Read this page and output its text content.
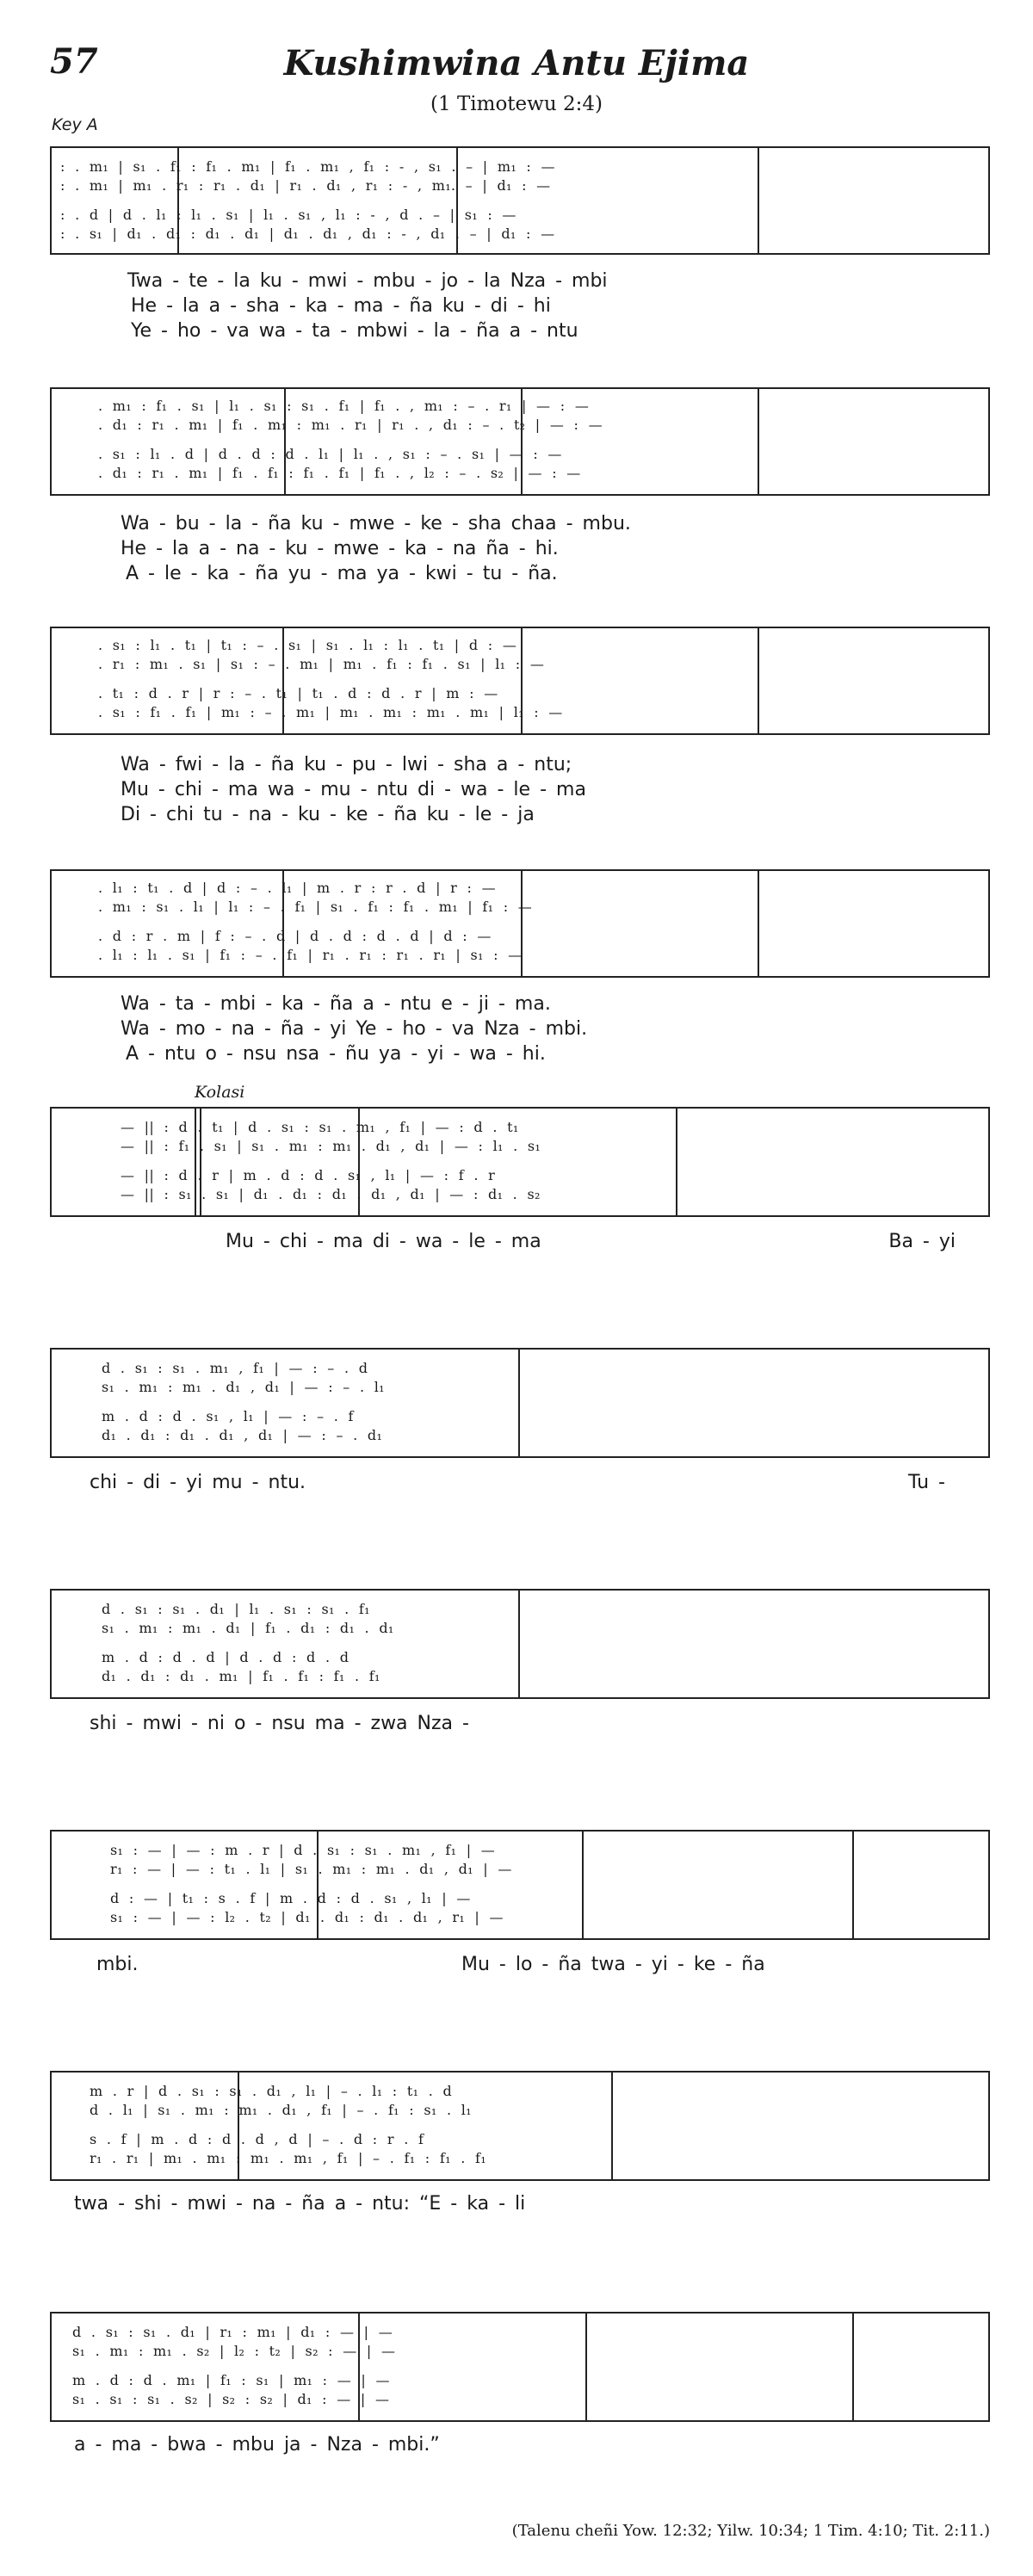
57	Kushimwina Antu Ejima
(1 Timotewu 2:4)
Key A
: . m₁ | s₁ . f₁ : f₁ . m₁ | f₁ . m₁ , f₁ : - , s₁ . – | m₁ : —
: . m₁ | m₁ . r₁ : r₁ . d₁ | r₁ . d₁ , r₁ : - , m₁. – | d₁ : —
: . d | d . l₁ : l₁ . s₁ | l₁ . s₁ , l₁ : - , d . – | s₁ : —
: . s₁ | d₁ . d₁ : d₁ . d₁ | d₁ . d₁ , d₁ : - , d₁ . – | d₁ : —
Twa - te - la ku - mwi - mbu - jo - la Nza - mbi
He - la a - sha - ka - ma - ña ku - di - hi
Ye - ho - va wa - ta - mbwi - la - ña a - ntu
. m₁ : f₁ . s₁ | l₁ . s₁ : s₁ . f₁ | f₁ . , m₁ : – . r₁ | — : —
. d₁ : r₁ . m₁ | f₁ . m₁ : m₁ . r₁ | r₁ . , d₁ : – . t₂ | — : —
. s₁ : l₁ . d | d . d : d . l₁ | l₁ . , s₁ : – . s₁ | — : —
. d₁ : r₁ . m₁ | f₁ . f₁ : f₁ . f₁ | f₁ . , l₂ : – . s₂ | — : —
Wa - bu - la - ña ku - mwe - ke - sha chaa - mbu.
He - la a - na - ku - mwe - ka - na ña - hi.
A - le - ka - ña yu - ma ya - kwi - tu - ña.
. s₁ : l₁ . t₁ | t₁ : – . s₁ | s₁ . l₁ : l₁ . t₁ | d : —
. r₁ : m₁ . s₁ | s₁ : – . m₁ | m₁ . f₁ : f₁ . s₁ | l₁ : —
. t₁ : d . r | r : – . t₁ | t₁ . d : d . r | m : —
. s₁ : f₁ . f₁ | m₁ : – . m₁ | m₁ . m₁ : m₁ . m₁ | l₁ : —
Wa - fwi - la - ña ku - pu - lwi - sha a - ntu;
Mu - chi - ma wa - mu - ntu di - wa - le - ma
Di - chi tu - na - ku - ke - ña ku - le - ja
. l₁ : t₁ . d | d : – . l₁ | m . r : r . d | r : —
. m₁ : s₁ . l₁ | l₁ : – . f₁ | s₁ . f₁ : f₁ . m₁ | f₁ : —
. d : r . m | f : – . d | d . d : d . d | d : —
. l₁ : l₁ . s₁ | f₁ : – . f₁ | r₁ . r₁ : r₁ . r₁ | s₁ : —
Wa - ta - mbi - ka - ña a - ntu e - ji - ma.
Wa - mo - na - ña - yi Ye - ho - va Nza - mbi.
A - ntu o - nsu nsa - ñu ya - yi - wa - hi.
Kolasi
— || : d . t₁ | d . s₁ : s₁ . m₁ , f₁ | — : d . t₁
— || : f₁ . s₁ | s₁ . m₁ : m₁ . d₁ , d₁ | — : l₁ . s₁
— || : d . r | m . d : d . s₁ , l₁ | — : f . r
— || : s₁ . s₁ | d₁ . d₁ : d₁ . d₁ , d₁ | — : d₁ . s₂
Mu - chi - ma di - wa - le - ma	Ba - yi
d . s₁ : s₁ . m₁ , f₁ | — : – . d
s₁ . m₁ : m₁ . d₁ , d₁ | — : – . l₁
m . d : d . s₁ , l₁ | — : – . f
d₁ . d₁ : d₁ . d₁ , d₁ | — : – . d₁
chi - di - yi mu - ntu.	Tu -
d . s₁ : s₁ . d₁ | l₁ . s₁ : s₁ . f₁
s₁ . m₁ : m₁ . d₁ | f₁ . d₁ : d₁ . d₁
m . d : d . d | d . d : d . d
d₁ . d₁ : d₁ . m₁ | f₁ . f₁ : f₁ . f₁
shi - mwi - ni o - nsu ma - zwa Nza -
s₁ : — | — : m . r | d . s₁ : s₁ . m₁ , f₁ | —
r₁ : — | — : t₁ . l₁ | s₁ . m₁ : m₁ . d₁ , d₁ | —
d : — | t₁ : s . f | m . d : d . s₁ , l₁ | —
s₁ : — | — : l₂ . t₂ | d₁ . d₁ : d₁ . d₁ , r₁ | —
mbi.	Mu - lo - ña twa - yi - ke - ña
m . r | d . s₁ : s₁ . d₁ , l₁ | – . l₁ : t₁ . d
d . l₁ | s₁ . m₁ : m₁ . d₁ , f₁ | – . f₁ : s₁ . l₁
s . f | m . d : d . d , d | – . d : r . f
r₁ . r₁ | m₁ . m₁ : m₁ . m₁ , f₁ | – . f₁ : f₁ . f₁
twa - shi - mwi - na - ña a - ntu: “E - ka - li
d . s₁ : s₁ . d₁ | r₁ : m₁ | d₁ : — | —
s₁ . m₁ : m₁ . s₂ | l₂ : t₂ | s₂ : — | —
m . d : d . m₁ | f₁ : s₁ | m₁ : — | —
s₁ . s₁ : s₁ . s₂ | s₂ : s₂ | d₁ : — | —
a - ma - bwa - mbu ja - Nza - mbi.”
(Talenu cheñi Yow. 12:32; Yilw. 10:34; 1 Tim. 4:10; Tit. 2:11.)
